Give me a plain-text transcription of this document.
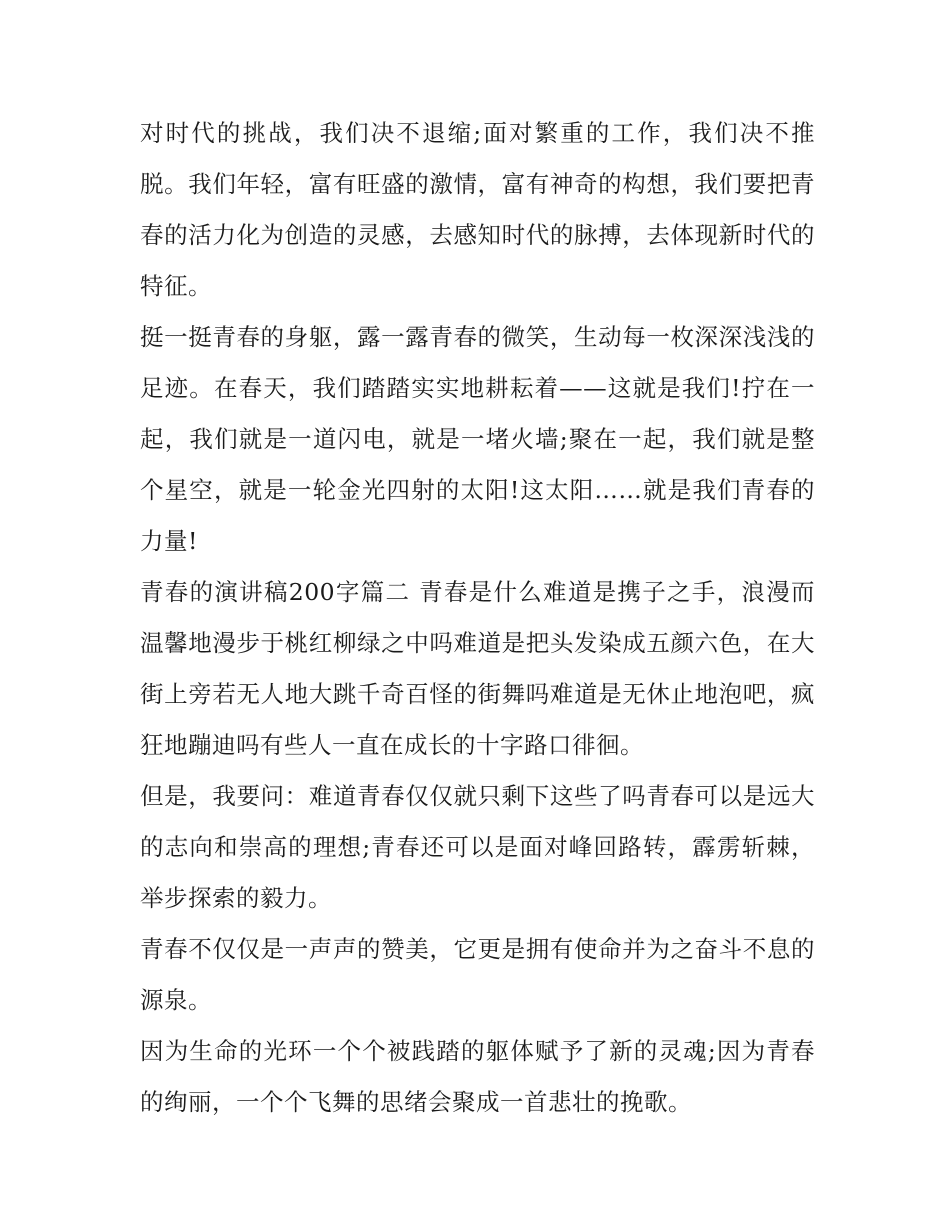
对时代的挑战，我们决不退缩;面对繁重的工作，我们决不推脱。我们年轻，富有旺盛的激情，富有神奇的构想，我们要把青春的活力化为创造的灵感，去感知时代的脉搏，去体现新时代的特征。

挺一挺青春的身躯，露一露青春的微笑，生动每一枚深深浅浅的足迹。在春天，我们踏踏实实地耕耘着——这就是我们!拧在一起，我们就是一道闪电，就是一堵火墙;聚在一起，我们就是整个星空，就是一轮金光四射的太阳!这太阳……就是我们青春的力量!

青春的演讲稿200字篇二 青春是什么难道是携子之手，浪漫而温馨地漫步于桃红柳绿之中吗难道是把头发染成五颜六色，在大街上旁若无人地大跳千奇百怪的街舞吗难道是无休止地泡吧，疯狂地蹦迪吗有些人一直在成长的十字路口徘徊。

但是，我要问：难道青春仅仅就只剩下这些了吗青春可以是远大的志向和崇高的理想;青春还可以是面对峰回路转，霹雳斩棘，举步探索的毅力。

青春不仅仅是一声声的赞美，它更是拥有使命并为之奋斗不息的源泉。

因为生命的光环一个个被践踏的躯体赋予了新的灵魂;因为青春的绚丽，一个个飞舞的思绪会聚成一首悲壮的挽歌。
